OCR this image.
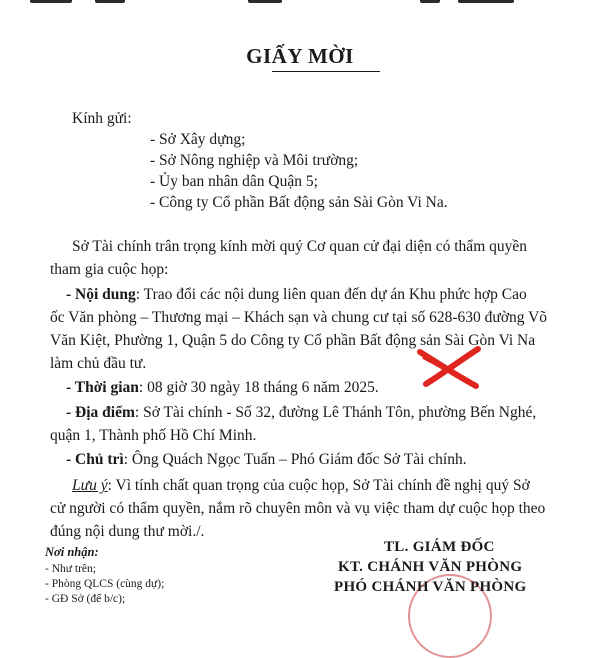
GIẤY MỜI
Kính gửi:
- Sở Xây dựng;
- Sở Nông nghiệp và Môi trường;
- Ủy ban nhân dân Quận 5;
- Công ty Cổ phần Bất động sản Sài Gòn Vi Na.
Sở Tài chính trân trọng kính mời quý Cơ quan cử đại diện có thẩm quyền
tham gia cuộc họp:
- Nội dung: Trao đổi các nội dung liên quan đến dự án Khu phức hợp Cao
ốc Văn phòng – Thương mại – Khách sạn và chung cư tại số 628-630 đường Võ
Văn Kiệt, Phường 1, Quận 5 do Công ty Cổ phần Bất động sản Sài Gòn Vi Na
làm chủ đầu tư.
- Thời gian: 08 giờ 30 ngày 18 tháng 6 năm 2025.
- Địa điểm: Sở Tài chính - Số 32, đường Lê Thánh Tôn, phường Bến Nghé,
quận 1, Thành phố Hồ Chí Minh.
- Chủ trì: Ông Quách Ngọc Tuấn – Phó Giám đốc Sở Tài chính.
Lưu ý: Vì tính chất quan trọng của cuộc họp, Sở Tài chính đề nghị quý Sở
cử người có thẩm quyền, nắm rõ chuyên môn và vụ việc tham dự cuộc họp theo
đúng nội dung thư mời./.
Nơi nhận:
- Như trên;
- Phòng QLCS (cùng dự);
- GĐ Sở (để b/c);
TL. GIÁM ĐỐC
KT. CHÁNH VĂN PHÒNG
PHÓ CHÁNH VĂN PHÒNG
